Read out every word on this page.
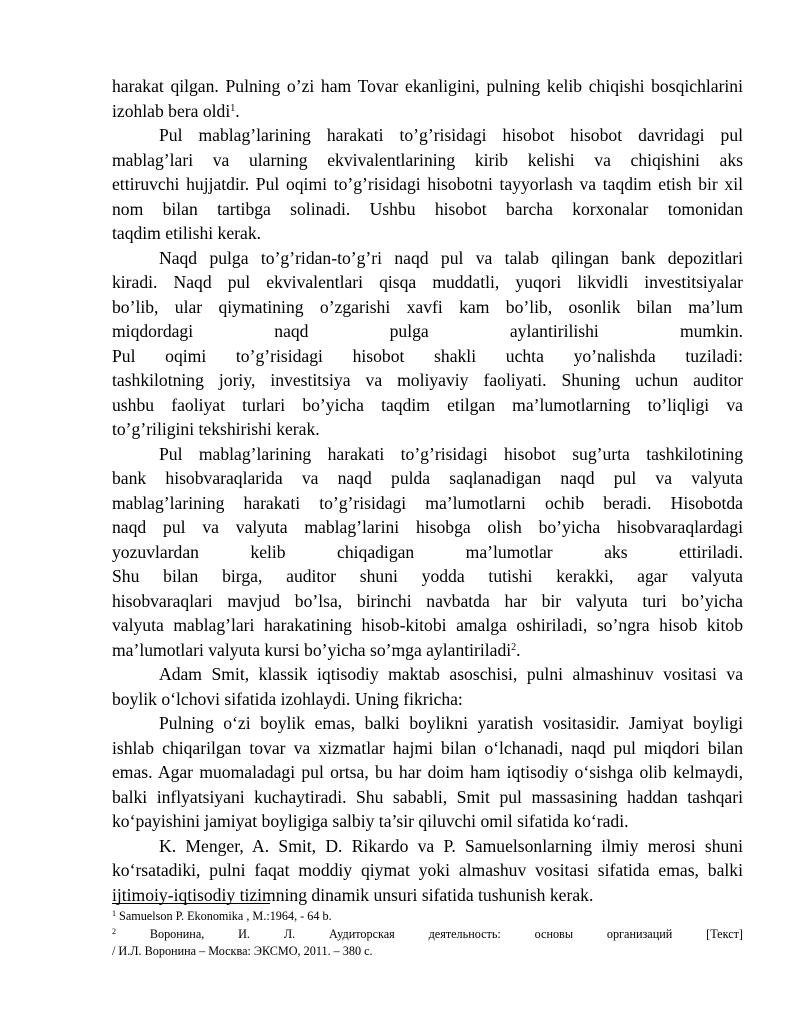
harakat qilgan. Pulning o’zi ham Tovar ekanligini, pulning kelib chiqishi bosqichlarini
izohlab bera oldi$^1$.
Pul mablag’larining harakati to’g’risidagi hisobot hisobot davridagi pul
mablag’lari va ularning ekvivalentlarining kirib kelishi va chiqishini aks
ettiruvchi hujjatdir. Pul oqimi to’g’risidagi hisobotni tayyorlash va taqdim etish bir xil
nom bilan tartibga solinadi. Ushbu hisobot barcha korxonalar tomonidan
taqdim etilishi kerak.
Naqd pulga to’g’ridan-to’g’ri naqd pul va talab qilingan bank depozitlari
kiradi. Naqd pul ekvivalentlari qisqa muddatli, yuqori likvidli investitsiyalar
bo’lib, ular qiymatining o’zgarishi xavfi kam bo’lib, osonlik bilan ma’lum
miqdordagi naqd pulga aylantirilishi mumkin.
Pul oqimi to’g’risidagi hisobot shakli uchta yo’nalishda tuziladi:
tashkilotning joriy, investitsiya va moliyaviy faoliyati. Shuning uchun auditor
ushbu faoliyat turlari bo’yicha taqdim etilgan ma’lumotlarning to’liqligi va
to’g’riligini tekshirishi kerak.
Pul mablag’larining harakati to’g’risidagi hisobot sug’urta tashkilotining
bank hisobvaraqlarida va naqd pulda saqlanadigan naqd pul va valyuta
mablag’larining harakati to’g’risidagi ma’lumotlarni ochib beradi. Hisobotda
naqd pul va valyuta mablag’larini hisobga olish bo’yicha hisobvaraqlardagi
yozuvlardan kelib chiqadigan ma’lumotlar aks ettiriladi.
Shu bilan birga, auditor shuni yodda tutishi kerakki, agar valyuta
hisobvaraqlari mavjud bo’lsa, birinchi navbatda har bir valyuta turi bo’yicha
valyuta mablag’lari harakatining hisob-kitobi amalga oshiriladi, so’ngra hisob kitob
ma’lumotlari valyuta kursi bo’yicha so’mga aylantiriladi$^2$.
Adam Smit, klassik iqtisodiy maktab asoschisi, pulni almashinuv vositasi va
boylik o‘lchovi sifatida izohlaydi. Uning fikricha:
Pulning o‘zi boylik emas, balki boylikni yaratish vositasidir. Jamiyat boyligi
ishlab chiqarilgan tovar va xizmatlar hajmi bilan o‘lchanadi, naqd pul miqdori bilan
emas. Agar muomaladagi pul ortsa, bu har doim ham iqtisodiy o‘sishga olib kelmaydi,
balki inflyatsiyani kuchaytiradi. Shu sababli, Smit pul massasining haddan tashqari
ko‘payishini jamiyat boyligiga salbiy ta’sir qiluvchi omil sifatida ko‘radi.
K. Menger, A. Smit, D. Rikardo va P. Samuelsonlarning ilmiy merosi shuni
ko‘rsatadiki, pulni faqat moddiy qiymat yoki almashuv vositasi sifatida emas, balki
ijtimoiy-iqtisodiy tizimning dinamik unsuri sifatida tushunish kerak.
$^1$ Samuelson P. Ekonomika , M.:1964, - 64 b.
$^2$ Воронина, И. Л. Аудиторская деятельность: основы организаций [Текст]
/ И.Л. Воронина – Москва: ЭКСМО, 2011. – 380 с.
